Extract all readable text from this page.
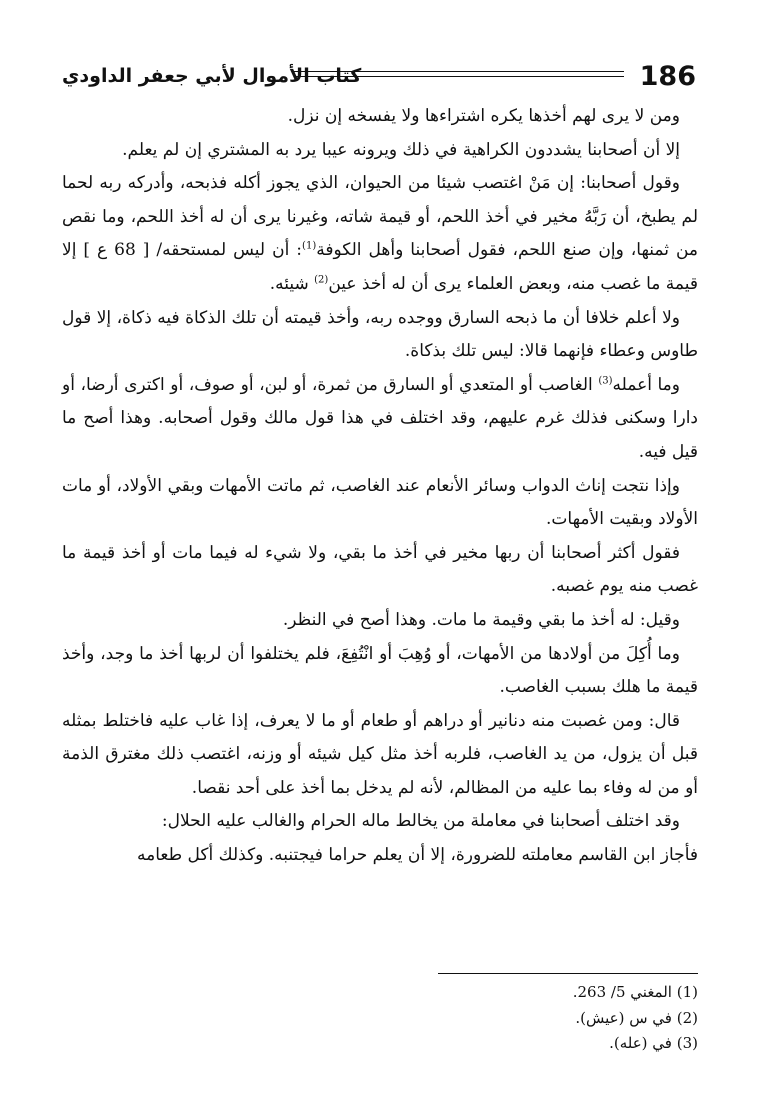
186
كتاب الأموال لأبي جعفر الداودي

ومن لا يرى لهم أخذها يكره اشتراءها ولا يفسخه إن نزل.

إلا أن أصحابنا يشددون الكراهية في ذلك ويرونه عيبا يرد به المشتري إن لم يعلم.

وقول أصحابنا: إن مَنْ اغتصب شيئا من الحيوان، الذي يجوز أكله فذبحه، وأدركه ربه لحما لم يطبخ، أن رَبَّهُ مخير في أخذ اللحم، أو قيمة شاته، وغيرنا يرى أن له أخذ اللحم، وما نقص من ثمنها، وإن صنع اللحم، فقول أصحابنا وأهل الكوفة$^{(1)}$: أن ليس لمستحقه/ [ 68 ع ] إلا قيمة ما غصب منه، وبعض العلماء يرى أن له أخذ عين$^{(2)}$ شيئه.

ولا أعلم خلافا أن ما ذبحه السارق ووجده ربه، وأخذ قيمته أن تلك الذكاة فيه ذكاة، إلا قول طاوس وعطاء فإنهما قالا: ليس تلك بذكاة.

وما أعمله$^{(3)}$ الغاصب أو المتعدي أو السارق من ثمرة، أو لبن، أو صوف، أو اكترى أرضا، أو دارا وسكنى فذلك غرم عليهم، وقد اختلف في هذا قول مالك وقول أصحابه. وهذا أصح ما قيل فيه.

وإذا نتجت إناث الدواب وسائر الأنعام عند الغاصب، ثم ماتت الأمهات وبقي الأولاد، أو مات الأولاد وبقيت الأمهات.

فقول أكثر أصحابنا أن ربها مخير في أخذ ما بقي، ولا شيء له فيما مات أو أخذ قيمة ما غصب منه يوم غصبه.

وقيل: له أخذ ما بقي وقيمة ما مات. وهذا أصح في النظر.

وما أُكِلَ من أولادها من الأمهات، أو وُهِبَ أو انْتُفِعَ، فلم يختلفوا أن لربها أخذ ما وجد، وأخذ قيمة ما هلك بسبب الغاصب.

قال: ومن غصبت منه دنانير أو دراهم أو طعام أو ما لا يعرف، إذا غاب عليه فاختلط بمثله قبل أن يزول، من يد الغاصب، فلربه أخذ مثل كيل شيئه أو وزنه، اغتصب ذلك مغترق الذمة أو من له وفاء بما عليه من المظالم، لأنه لم يدخل بما أخذ على أحد نقصا.

وقد اختلف أصحابنا في معاملة من يخالط ماله الحرام والغالب عليه الحلال:

فأجاز ابن القاسم معاملته للضرورة، إلا أن يعلم حراما فيجتنبه. وكذلك أكل طعامه

(1) المغني 5/ 263.
(2) في س (عيش).
(3) في (عله).
